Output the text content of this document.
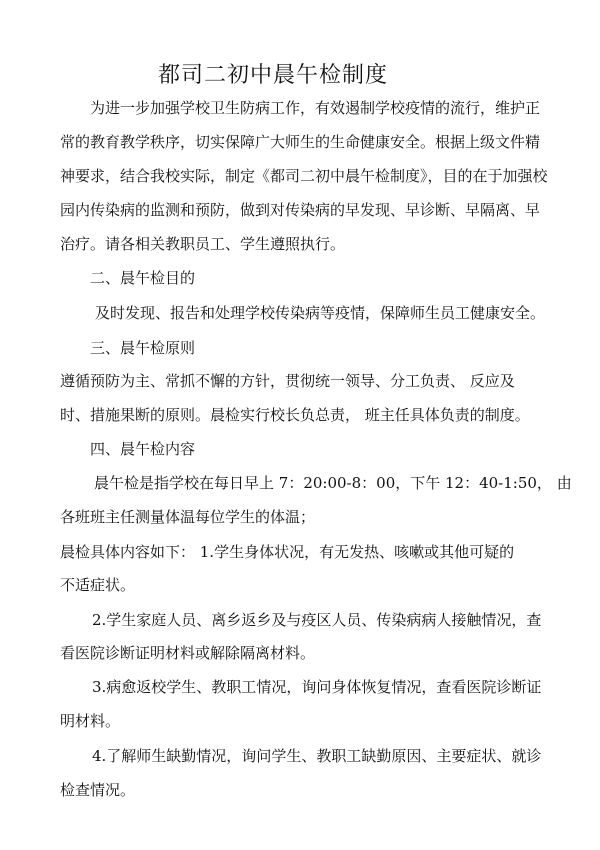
都司二初中晨午检制度
为进一步加强学校卫生防病工作，有效遏制学校疫情的流行，维护正
常的教育教学秩序，切实保障广大师生的生命健康安全。根据上级文件精
神要求，结合我校实际，制定《都司二初中晨午检制度》，目的在于加强校
园内传染病的监测和预防，做到对传染病的早发现、早诊断、早隔离、早
治疗。请各相关教职员工、学生遵照执行。
二、晨午检目的
及时发现、报告和处理学校传染病等疫情，保障师生员工健康安全。
三、晨午检原则
遵循预防为主、常抓不懈的方针，贯彻统一领导、分工负责、 反应及
时、措施果断的原则。晨检实行校长负总责， 班主任具体负责的制度。
四、晨午检内容
晨午检是指学校在每日早上 7：20:00-8：00，下午 12：40-1:50， 由
各班班主任测量体温每位学生的体温；
晨检具体内容如下： 1.学生身体状况，有无发热、咳嗽或其他可疑的
不适症状。
2.学生家庭人员、离乡返乡及与疫区人员、传染病病人接触情况，查
看医院诊断证明材料或解除隔离材料。
3.病愈返校学生、教职工情况，询问身体恢复情况，查看医院诊断证
明材料。
4.了解师生缺勤情况，询问学生、教职工缺勤原因、主要症状、就诊
检查情况。
